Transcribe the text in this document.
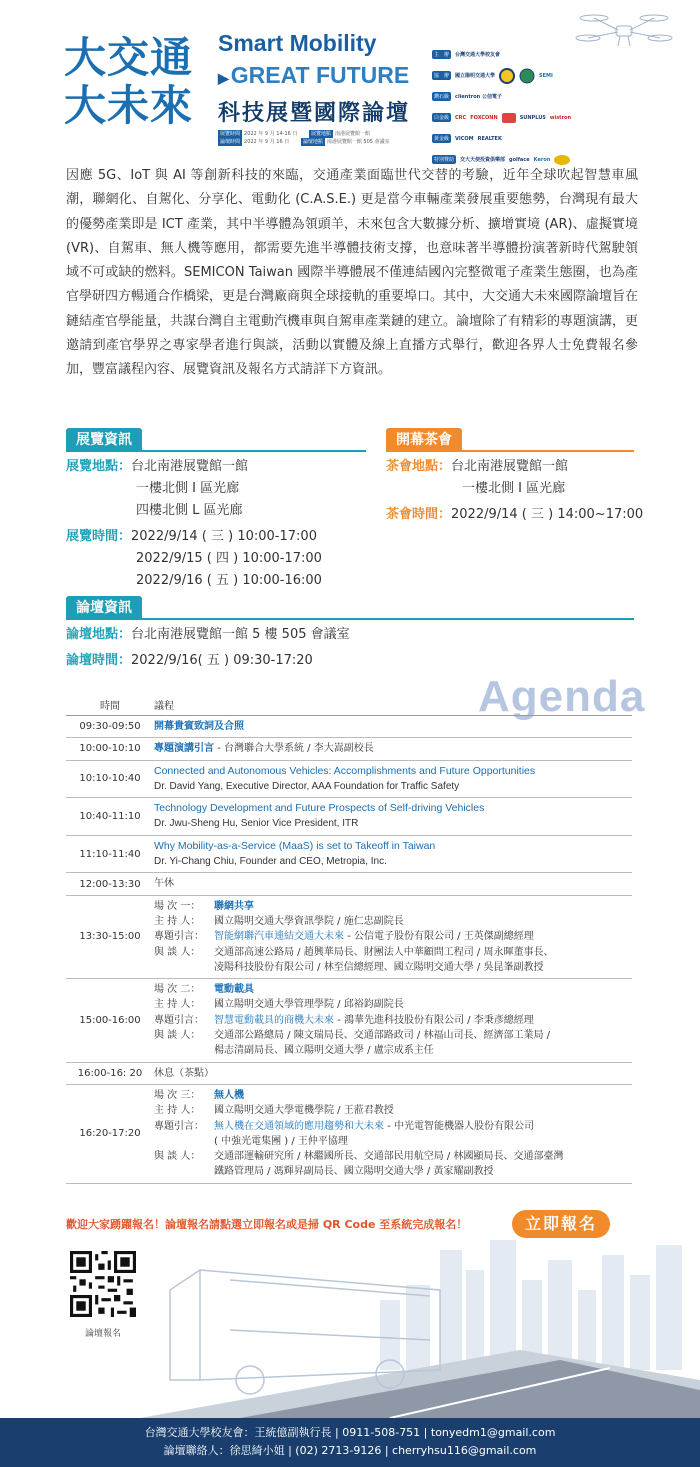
大交通
大未來
Smart Mobility
▶GREAT FUTURE
科技展暨國際論壇
展覽時間 2022 年 9 月 14-16 日	展覽地點 南港展覽館一館
論壇時間 2022 年 9 月 16 日	論壇地點 南港展覽館一館 505 會議室
主　辦	台灣交通大學校友會
協　辦	國立陽明交通大學	SEMI
鑽石級	clientron 公信電子
白金級	CRC FOXCONN	SUNPLUS wistron
黃金級	VICOM REALTEK
特別贊助	交大天使投資俱樂部 golface Keron

因應 5G、IoT 與 AI 等創新科技的來臨，交通產業面臨世代交替的考驗，近年全球吹起智慧車風潮，聯網化、自駕化、分享化、電動化 (C.A.S.E.) 更是當今車輛產業發展重要態勢，台灣現有最大的優勢產業即是 ICT 產業，其中半導體為領頭羊，未來包含大數據分析、擴增實境 (AR)、虛擬實境 (VR)、自駕車、無人機等應用，都需要先進半導體技術支撐，也意味著半導體扮演著新時代駕駛領域不可或缺的燃料。SEMICON Taiwan 國際半導體展不僅連結國內完整微電子產業生態圈，也為產官學研四方暢通合作橋梁，更是台灣廠商與全球接軌的重要埠口。其中，大交通大未來國際論壇旨在鏈結產官學能量，共謀台灣自主電動汽機車與自駕車產業鏈的建立。論壇除了有精彩的專題演講，更邀請到產官學界之專家學者進行與談，活動以實體及線上直播方式舉行，歡迎各界人士免費報名參加，豐富議程內容、展覽資訊及報名方式請詳下方資訊。

展覽資訊
展覽地點：台北南港展覽館一館
一樓北側 I 區光廊
四樓北側 L 區光廊
展覽時間：2022/9/14 ( 三 ) 10:00-17:00
2022/9/15 ( 四 ) 10:00-17:00
2022/9/16 ( 五 ) 10:00-16:00
開幕茶會
茶會地點：台北南港展覽館一館
一樓北側 I 區光廊
茶會時間：2022/9/14 ( 三 ) 14:00~17:00
論壇資訊
論壇地點：台北南港展覽館一館 5 樓 505 會議室
論壇時間：2022/9/16( 五 ) 09:30-17:20
Agenda
時間	議程
09:30-09:50	開幕貴賓致詞及合照
10:00-10:10	專題演講引言 - 台灣聯合大學系統 / 李大嵩副校長
10:10-10:40
Connected and Autonomous Vehicles: Accomplishments and Future Opportunities
Dr. David Yang, Executive Director, AAA Foundation for Traffic Safety
10:40-11:10
Technology Development and Future Prospects of Self-driving Vehicles
Dr. Jwu-Sheng Hu, Senior Vice President, ITR
11:10-11:40
Why Mobility-as-a-Service (MaaS) is set to Takeoff in Taiwan
Dr. Yi-Chang Chiu, Founder and CEO, Metropia, Inc.
12:00-13:30	午休
13:30-15:00
場 次 一：	聯網共享
主 持 人：	國立陽明交通大學資訊學院 / 施仁忠副院長
專題引言：	智能網聯汽車連結交通大未來 - 公信電子股份有限公司 / 王英傑副總經理
與 談 人：	交通部高速公路局 / 趙興華局長、財團法人中華顧問工程司 / 周永暉董事長、
凌陽科技股份有限公司 / 林至信總經理、國立陽明交通大學 / 吳昆峯副教授
15:00-16:00
場 次 二：	電動載具
主 持 人：	國立陽明交通大學管理學院 / 邱裕鈞副院長
專題引言：	智慧電動載具的商機大未來 - 鴻華先進科技股份有限公司 / 李秉彥總經理
與 談 人：	交通部公路總局 / 陳文瑞局長、交通部路政司 / 林福山司長、經濟部工業局 /
楊志清副局長、國立陽明交通大學 / 盧宗成系主任
16:00-16: 20	休息（茶點）
16:20-17:20
場 次 三：	無人機
主 持 人：	國立陽明交通大學電機學院 / 王蒞君教授
專題引言：	無人機在交通領域的應用趨勢和大未來 - 中光電智能機器人股份有限公司
( 中強光電集團 ) / 王仲平協理
與 談 人：	交通部運輸研究所 / 林繼國所長、交通部民用航空局 / 林國顯局長、交通部臺灣
鐵路管理局 / 馮輝昇副局長、國立陽明交通大學 / 黃家耀副教授
歡迎大家踴躍報名！論壇報名請點選立即報名或是掃 QR Code 至系統完成報名！	立即報名
論壇報名
台灣交通大學校友會：王統億副執行長 | 0911-508-751 | tonyedm1@gmail.com
論壇聯絡人：徐思綺小姐 | (02) 2713-9126 | cherryhsu116@gmail.com
